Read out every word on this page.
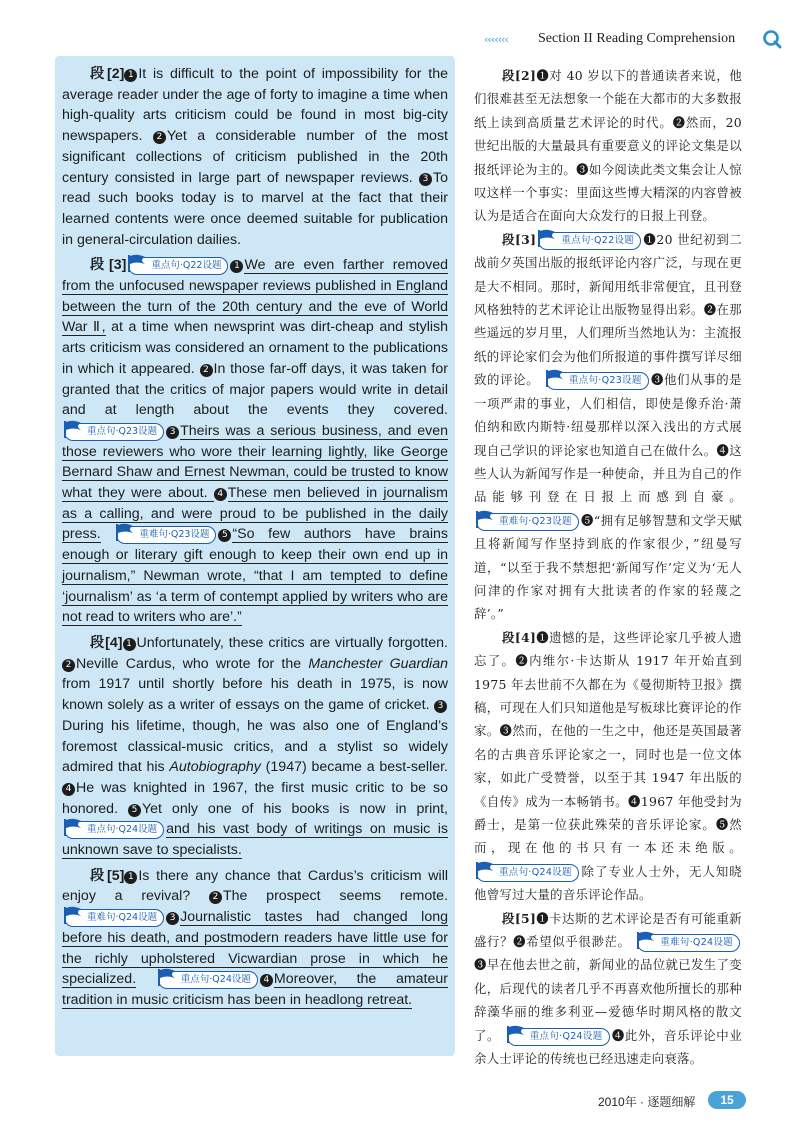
‹‹‹‹‹‹‹ Section II Reading Comprehension

段[2] 1 It is difficult to the point of impossibility for the average reader under the age of forty to imagine a time when high-quality arts criticism could be found in most big-city newspapers. 2 Yet a considerable number of the most significant collections of criticism published in the 20th century consisted in large part of newspaper reviews. 3 To read such books today is to marvel at the fact that their learned contents were once deemed suitable for publication in general-circulation dailies.

段[3]	重点句·Q22设题 1 We are even farther removed from the unfocused newspaper reviews published in England between the turn of the 20th century and the eve of World War Ⅱ, at a time when newsprint was dirt-cheap and stylish arts criticism was considered an ornament to the publications in which it appeared. 2 In those far-off days, it was taken for granted that the critics of major papers would write in detail and at length about the events they covered.
重点句·Q23设题 3 Theirs was a serious business, and even those reviewers who wore their learning lightly, like George Bernard Shaw and Ernest Newman, could be trusted to know what they were about. 4 These men believed in journalism as a calling, and were proud to be published in the daily press.	重难句·Q23设题 5 “So few authors have brains enough or literary gift enough to keep their own end up in journalism,” Newman wrote, “that I am tempted to define ‘journalism’ as ‘a term of contempt applied by writers who are not read to writers who are’.”

段[4] 1 Unfortunately, these critics are virtually forgotten. 2 Neville Cardus, who wrote for the Manchester Guardian from 1917 until shortly before his death in 1975, is now known solely as a writer of essays on the game of cricket. 3During his lifetime, though, he was also one of England’s foremost classical-music critics, and a stylist so widely admired that his Autobiography (1947) became a best-seller. 4 He was knighted in 1967, the first music critic to be so honored. 5 Yet only one of his books is now in print,
重点句·Q24设题 and his vast body of writings on music is unknown save to specialists.

段[5] 1 Is there any chance that Cardus’s criticism will enjoy a revival? 2 The prospect seems remote.
重难句·Q24设题 3 Journalistic tastes had changed long before his death, and postmodern readers have little use for the richly upholstered Vicwardian prose in which he specialized.	重点句·Q24设题 4 Moreover, the amateur tradition in music criticism has been in headlong retreat.

段[2]❶对 40 岁以下的普通读者来说，他们很难甚至无法想象一个能在大都市的大多数报纸上读到高质量艺术评论的时代。❷然而，20 世纪出版的大量最具有重要意义的评论文集是以报纸评论为主的。❸如今阅读此类文集会让人惊叹这样一个事实：里面这些博大精深的内容曾被认为是适合在面向大众发行的日报上刊登。

段[3]	重点句·Q22设题 ❶20 世纪初到二战前夕英国出版的报纸评论内容广泛，与现在更是大不相同。那时，新闻用纸非常便宜，且刊登风格独特的艺术评论让出版物显得出彩。❷在那些遥远的岁月里，人们理所当然地认为：主流报纸的评论家们会为他们所报道的事件撰写详尽细致的评论。	重点句·Q23设题 ❸他们从事的是一项严肃的事业，人们相信，即使是像乔治·萧伯纳和欧内斯特·纽曼那样以深入浅出的方式展现自己学识的评论家也知道自己在做什么。❹这些人认为新闻写作是一种使命，并且为自己的作品能够刊登在日报上而感到自豪。
重难句·Q23设题 ❺“拥有足够智慧和文学天赋且将新闻写作坚持到底的作家很少，”纽曼写道，“以至于我不禁想把‘新闻写作’定义为‘无人问津的作家对拥有大批读者的作家的轻蔑之辞’。”

段[4]❶遗憾的是，这些评论家几乎被人遗忘了。❷内维尔·卡达斯从 1917 年开始直到 1975 年去世前不久都在为《曼彻斯特卫报》撰稿，可现在人们只知道他是写板球比赛评论的作家。❸然而，在他的一生之中，他还是英国最著名的古典音乐评论家之一，同时也是一位文体家，如此广受赞誉，以至于其 1947 年出版的《自传》成为一本畅销书。❹1967 年他受封为爵士，是第一位获此殊荣的音乐评论家。❺然而，现在他的书只有一本还未绝版。
重点句·Q24设题 除了专业人士外，无人知晓他曾写过大量的音乐评论作品。

段[5]❶卡达斯的艺术评论是否有可能重新盛行？❷希望似乎很渺茫。	重难句·Q24设题❸早在他去世之前，新闻业的品位就已发生了变化，后现代的读者几乎不再喜欢他所擅长的那种辞藻华丽的维多利亚—爱德华时期风格的散文了。	重点句·Q24设题 ❹此外，音乐评论中业余人士评论的传统也已经迅速走向衰落。

2010年 · 逐题细解	15
